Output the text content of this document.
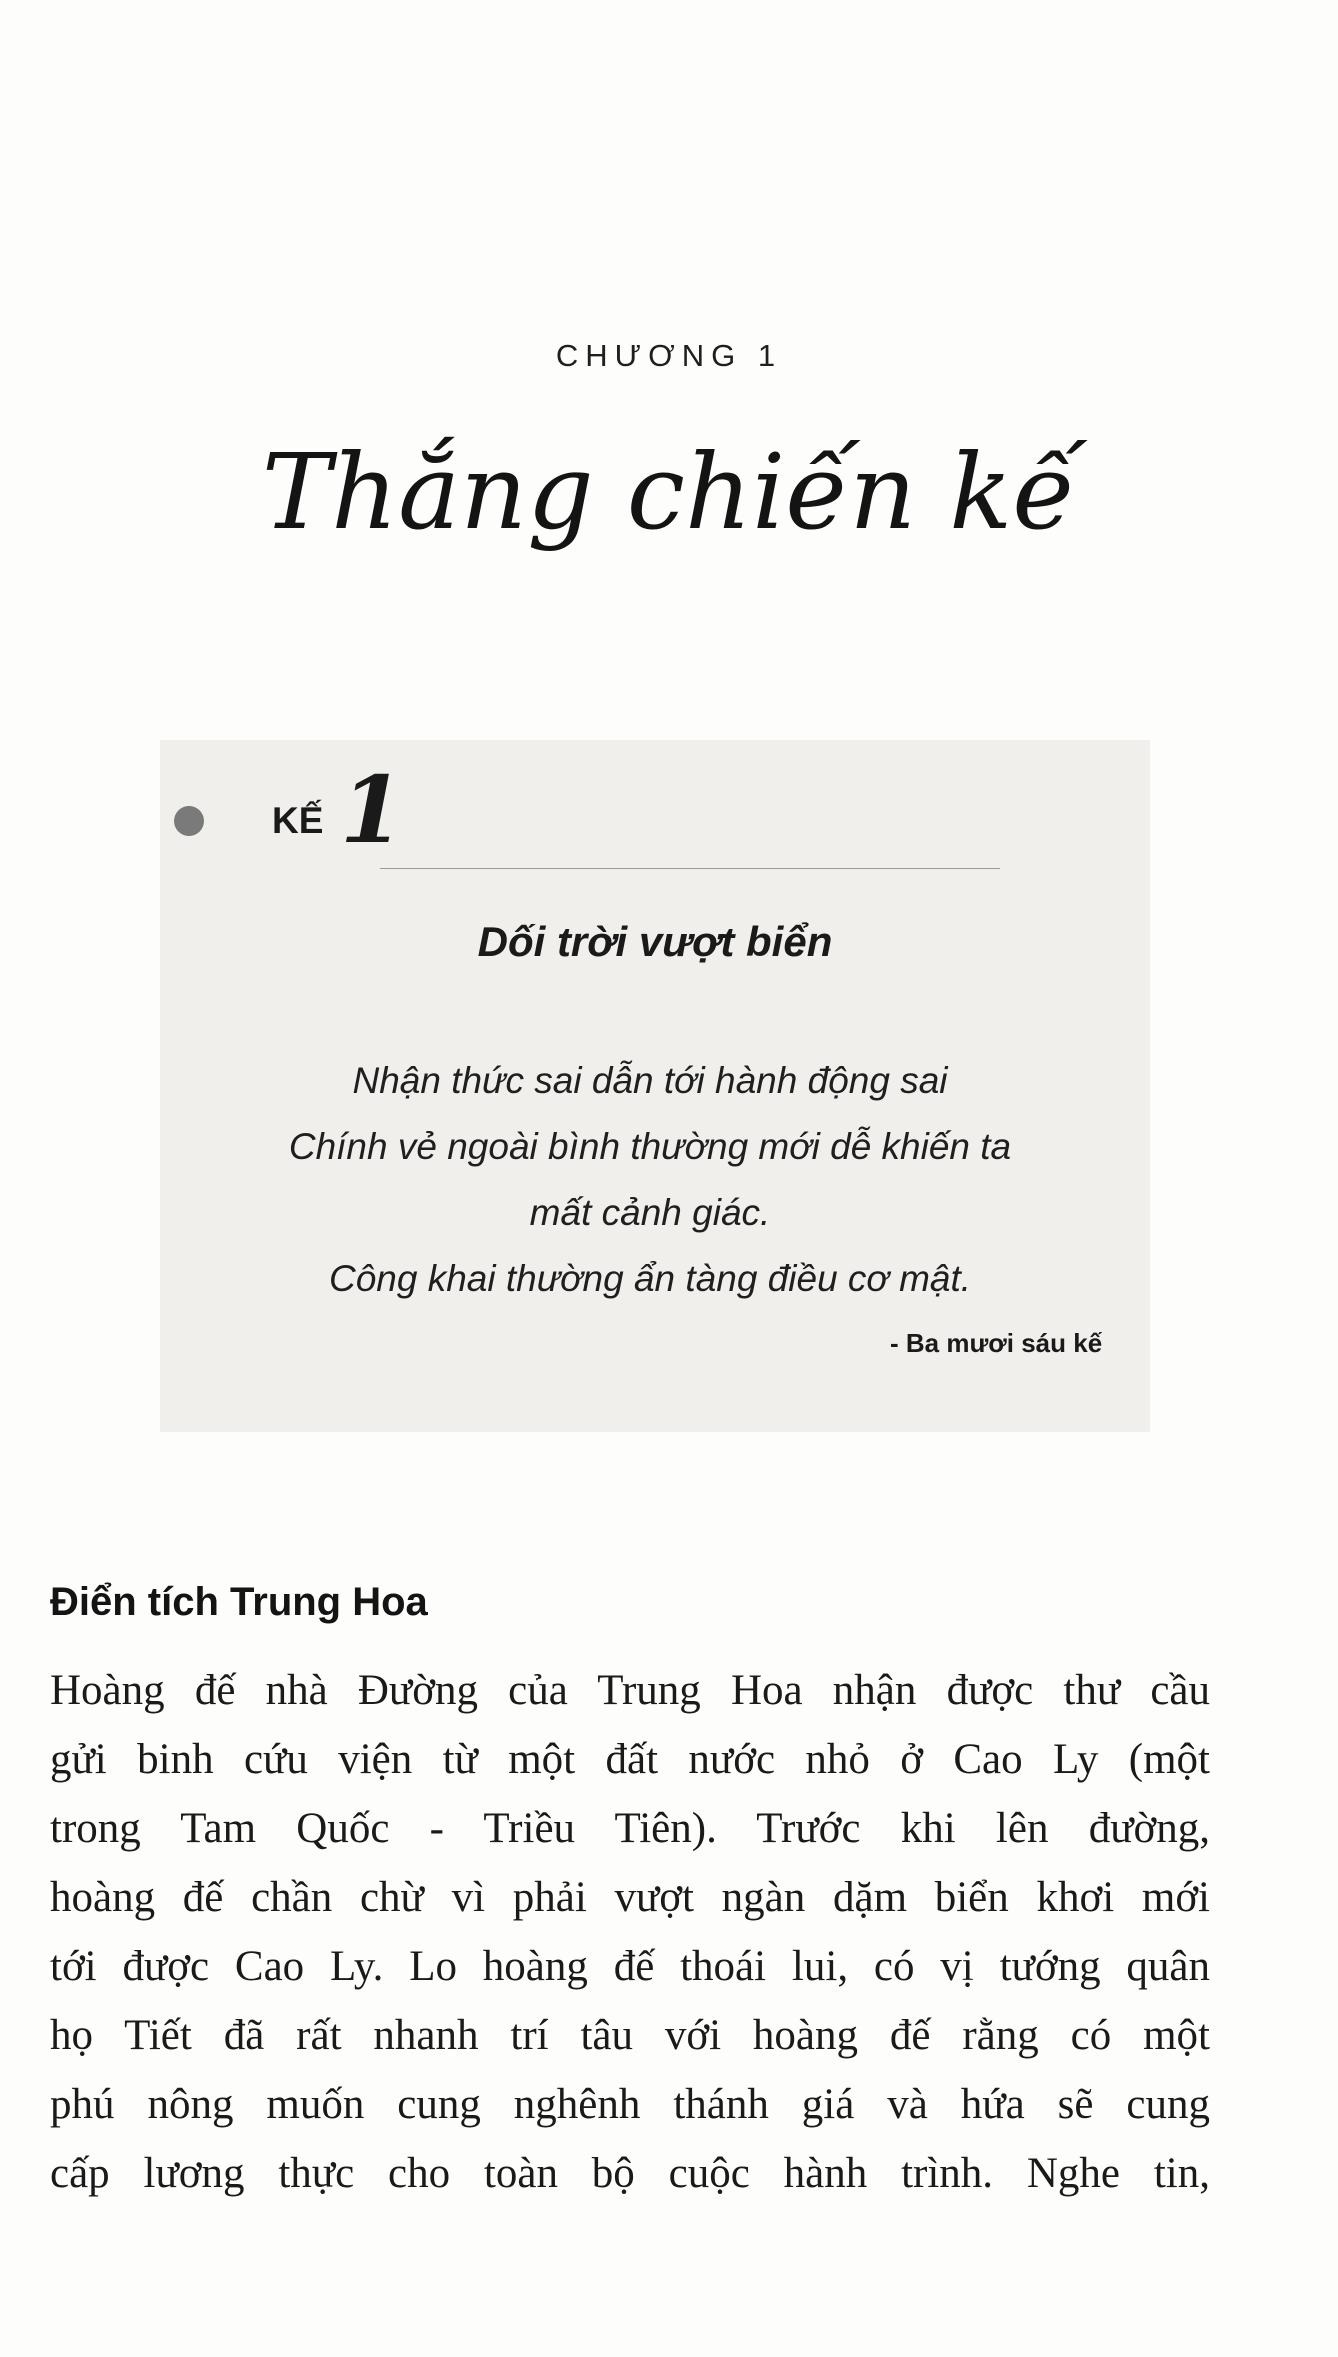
CHƯƠNG 1
Thắng chiến kế
KẾ 1
Dối trời vượt biển
Nhận thức sai dẫn tới hành động sai
Chính vẻ ngoài bình thường mới dễ khiến ta
mất cảnh giác.
Công khai thường ẩn tàng điều cơ mật.
- Ba mươi sáu kế
Điển tích Trung Hoa
Hoàng đế nhà Đường của Trung Hoa nhận được thư cầu
gửi binh cứu viện từ một đất nước nhỏ ở Cao Ly (một
trong Tam Quốc - Triều Tiên). Trước khi lên đường,
hoàng đế chần chừ vì phải vượt ngàn dặm biển khơi mới
tới được Cao Ly. Lo hoàng đế thoái lui, có vị tướng quân
họ Tiết đã rất nhanh trí tâu với hoàng đế rằng có một
phú nông muốn cung nghênh thánh giá và hứa sẽ cung
cấp lương thực cho toàn bộ cuộc hành trình. Nghe tin,
